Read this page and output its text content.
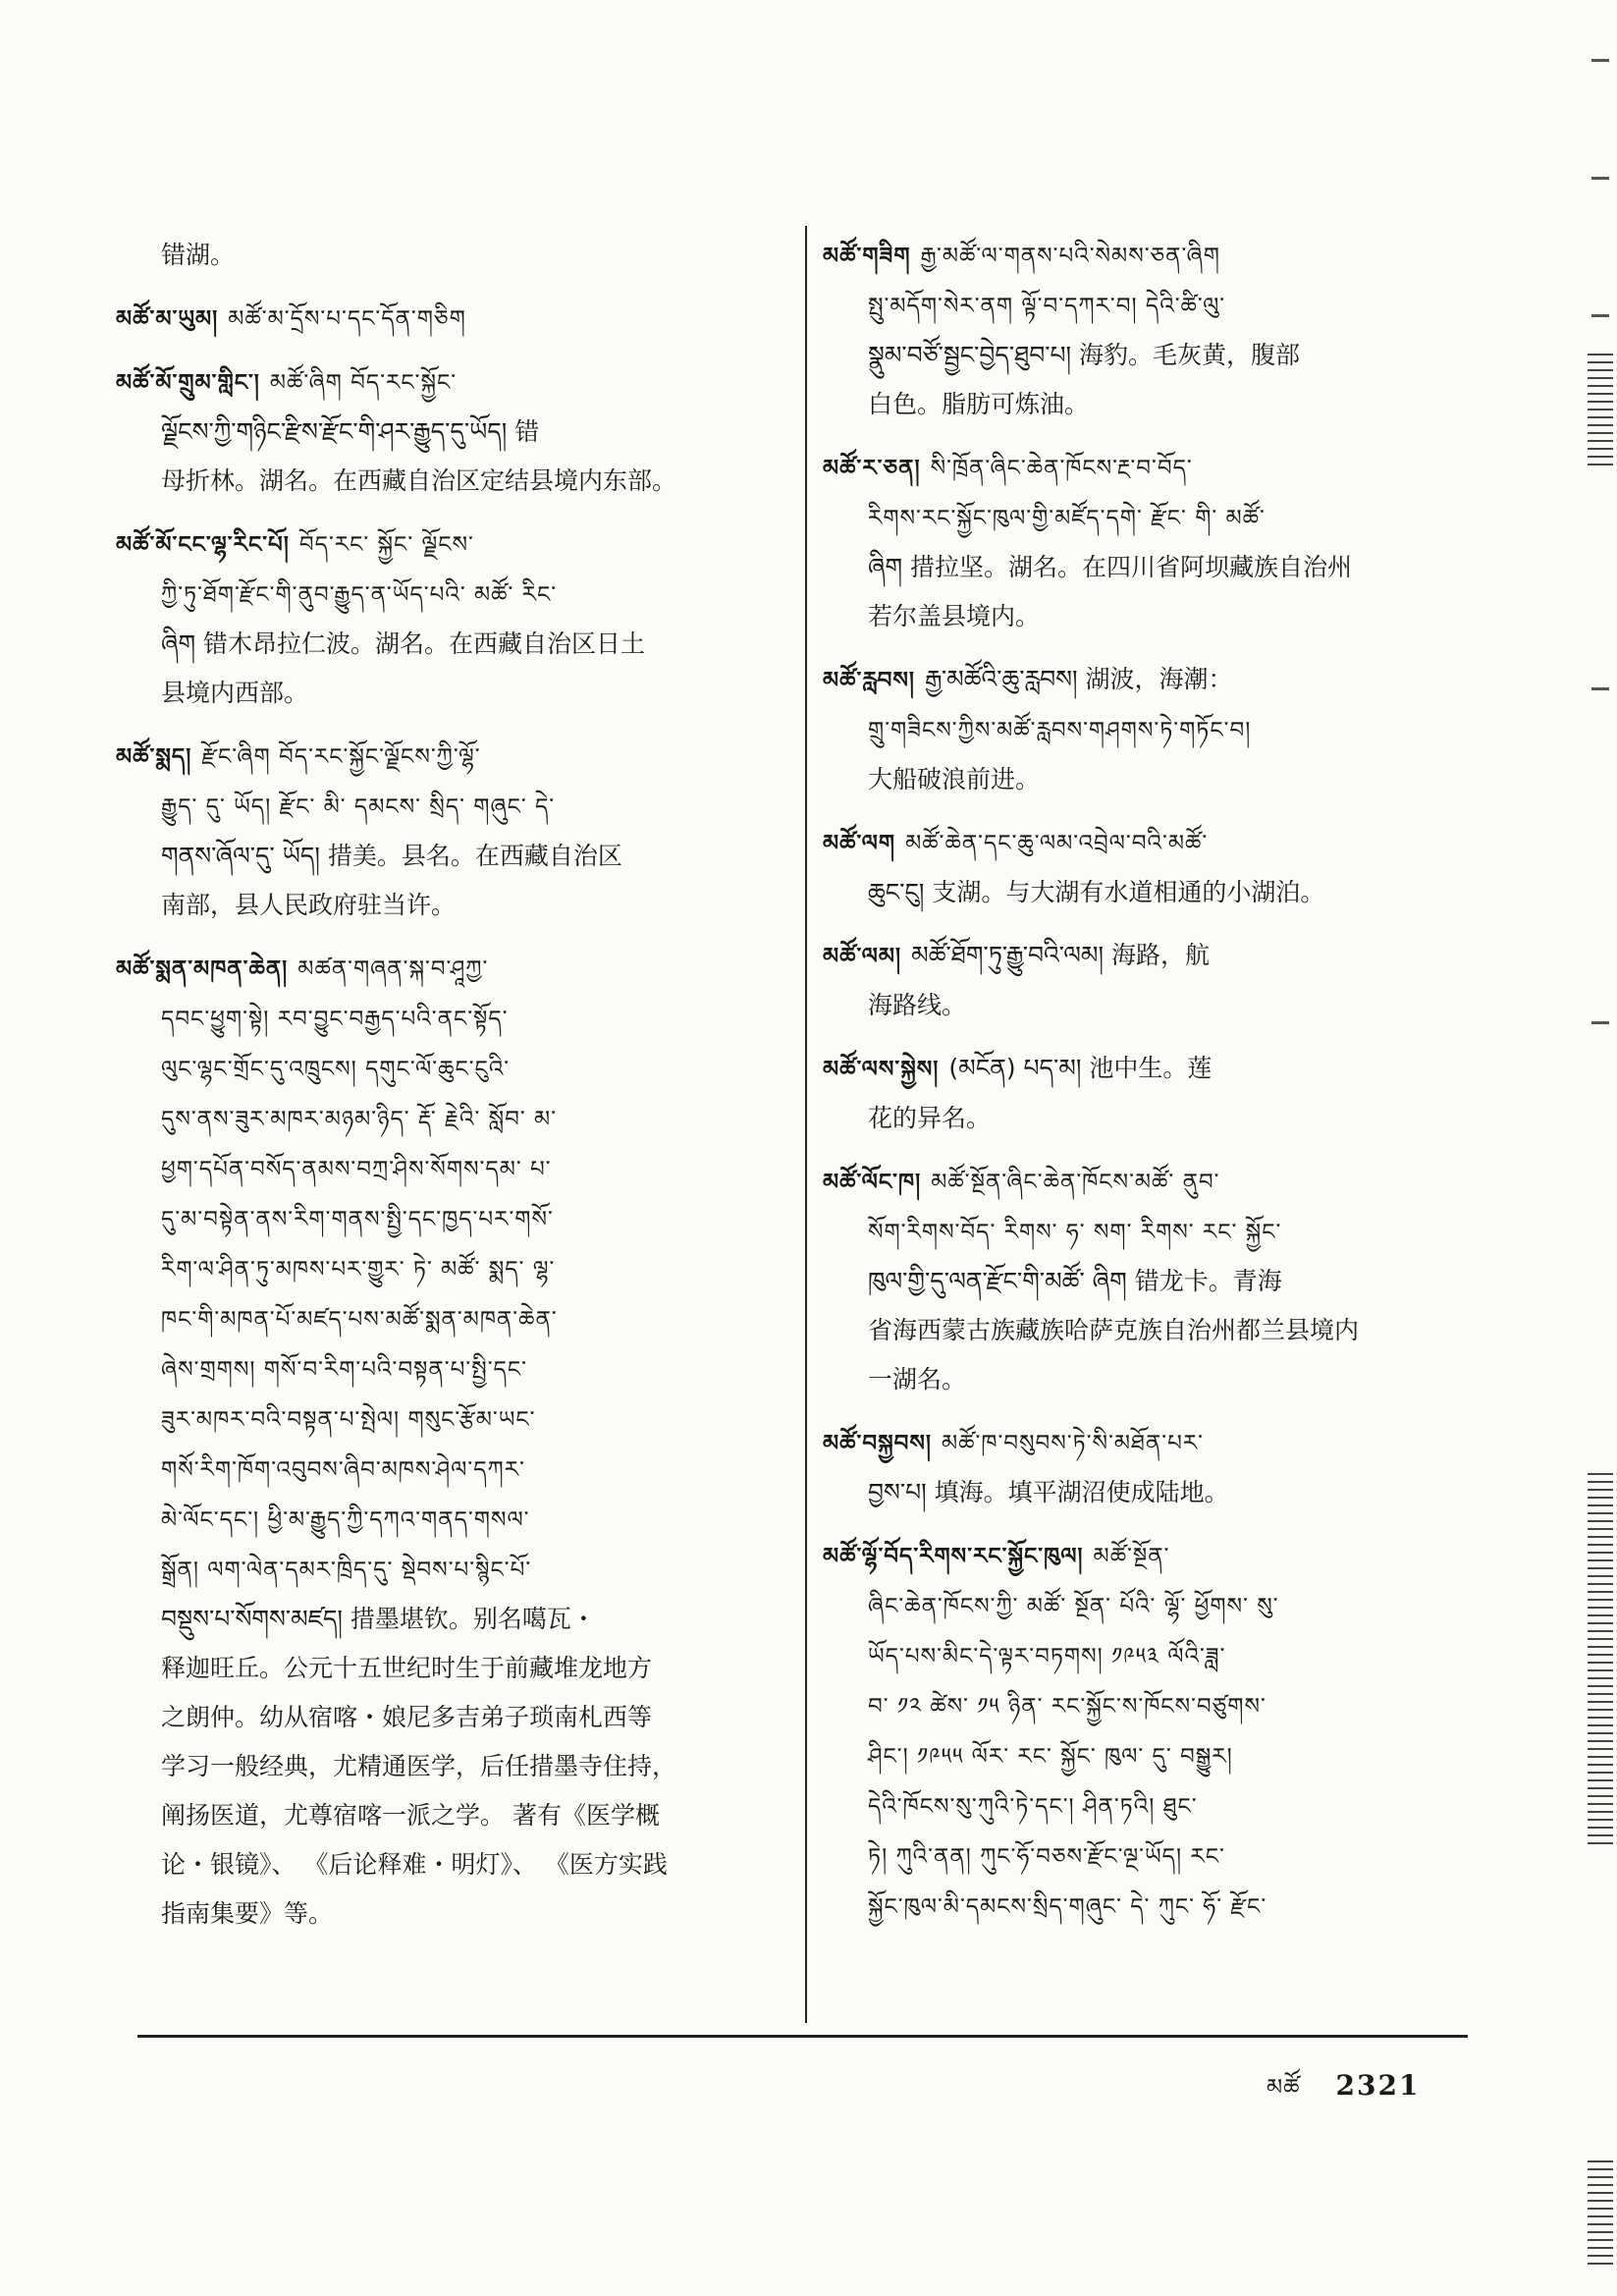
错湖。
མཚོ་མ་ཡུམ། མཚོ་མ་དྲོས་པ་དང་དོན་གཅིག
མཚོ་མོ་གྲུམ་གླིང་། མཚོ་ཞིག བོད་རང་སྐྱོང་
ལྗོངས་ཀྱི་གཉིང་རྫིས་རྫོང་གི་ཤར་རྒྱུད་དུ་ཡོད། 错
母折林。湖名。在西藏自治区定结县境内东部。
མཚོ་མོ་ངང་ལྷ་རིང་པོ། བོད་རང་ སྐྱོང་ ལྗོངས་
ཀྱི་ཏུ་ཐོག་རྫོང་གི་ནུབ་རྒྱུད་ན་ཡོད་པའི་ མཚོ་ རིང་
ཞིག 错木昂拉仁波。湖名。在西藏自治区日土
县境内西部。
མཚོ་སྨད། རྫོང་ཞིག བོད་རང་སྐྱོང་ལྗོངས་ཀྱི་ལྷོ་
རྒྱུད་ དུ་ ཡོད། རྫོང་ མི་ དམངས་ སྲིད་ གཞུང་ དེ་
གནས་ཞོལ་དུ་ ཡོད། 措美。县名。在西藏自治区
南部，县人民政府驻当许。
མཚོ་སྨན་མཁན་ཆེན། མཚན་གཞན་སྐ་བ་ཤཱཀྱ་
དབང་ཕྱུག་སྟེ། རབ་བྱུང་བརྒྱད་པའི་ནང་སྟོད་
ལུང་ལྷང་གྲོང་དུ་འཁྲུངས། དགུང་ལོ་ཆུང་ངུའི་
དུས་ནས་ཟུར་མཁར་མཉམ་ཉིད་ རྡོ་ རྗེའི་ སློབ་ མ་
ཕྱག་དཔོན་བསོད་ནམས་བཀྲ་ཤིས་སོགས་དམ་ པ་
དུ་མ་བསྟེན་ནས་རིག་གནས་སྤྱི་དང་ཁྱད་པར་གསོ་
རིག་ལ་ཤིན་ཏུ་མཁས་པར་གྱུར་ ཏེ་ མཚོ་ སྨད་ ལྷ་
ཁང་གི་མཁན་པོ་མཛད་པས་མཚོ་སྨན་མཁན་ཆེན་
ཞེས་གྲགས། གསོ་བ་རིག་པའི་བསྟན་པ་སྤྱི་དང་
ཟུར་མཁར་བའི་བསྟན་པ་སྤེལ། གསུང་རྩོམ་ཡང་
གསོ་རིག་ཁོག་འབུབས་ཞིབ་མཁས་ཤེལ་དཀར་
མེ་ལོང་དང་། ཕྱི་མ་རྒྱུད་ཀྱི་དཀའ་གནད་གསལ་
སྒྲོན། ལག་ལེན་དམར་ཁྲིད་དུ་ སྡེབས་པ་སྙིང་པོ་
བསྡུས་པ་སོགས་མཛད། 措墨堪钦。别名噶瓦・
释迦旺丘。公元十五世纪时生于前藏堆龙地方
之朗仲。幼从宿喀・娘尼多吉弟子琐南札西等
学习一般经典，尤精通医学，后任措墨寺住持，
阐扬医道，尤尊宿喀一派之学。 著有《医学概
论・银镜》、 《后论释难・明灯》、 《医方实践
指南集要》等。
མཚོ་གཟིག རྒྱ་མཚོ་ལ་གནས་པའི་སེམས་ཅན་ཞིག
སྤུ་མདོག་སེར་ནག ལྟོ་བ་དཀར་བ། དེའི་ཚི་ལུ་
སྣུམ་བཙོ་སྦྱང་བྱེད་ཐུབ་པ། 海豹。毛灰黄，腹部
白色。脂肪可炼油。
མཚོ་ར་ཅན། སི་ཁྲོན་ཞིང་ཆེན་ཁོངས་རྔ་བ་བོད་
རིགས་རང་སྐྱོང་ཁུལ་གྱི་མཛོད་དགེ་ རྫོང་ གི་ མཚོ་
ཞིག 措拉坚。湖名。在四川省阿坝藏族自治州
若尔盖县境内。
མཚོ་རླབས། རྒྱ་མཚོའི་ཆུ་རླབས། 湖波，海潮：
གྲུ་གཟིངས་ཀྱིས་མཚོ་རླབས་གཤགས་ཏེ་གཏོང་བ།
大船破浪前进。
མཚོ་ལག མཚོ་ཆེན་དང་ཆུ་ལམ་འབྲེལ་བའི་མཚོ་
ཆུང་ངུ། 支湖。与大湖有水道相通的小湖泊。
མཚོ་ལམ། མཚོ་ཐོག་ཏུ་རྒྱུ་བའི་ལམ། 海路，航
海路线。
མཚོ་ལས་སྐྱེས། (མངོན) པད་མ། 池中生。莲
花的异名。
མཚོ་ལོང་ཁ། མཚོ་སྔོན་ཞིང་ཆེན་ཁོངས་མཚོ་ ནུབ་
སོག་རིགས་བོད་ རིགས་ ཧ་ སག་ རིགས་ རང་ སྐྱོང་
ཁུལ་གྱི་དུ་ལན་རྫོང་གི་མཚོ་ ཞིག 错龙卡。青海
省海西蒙古族藏族哈萨克族自治州都兰县境内
一湖名。
མཚོ་བསྐྱབས། མཚོ་ཁ་བསུབས་ཏེ་སི་མཐོན་པར་
བྱས་པ། 填海。填平湖沼使成陆地。
མཚོ་ལྷོ་བོད་རིགས་རང་སྐྱོང་ཁུལ། མཚོ་སྔོན་
ཞིང་ཆེན་ཁོངས་ཀྱི་ མཚོ་ སྔོན་ པོའི་ ལྷོ་ ཕྱོགས་ སུ་
ཡོད་པས་མིང་དེ་ལྟར་བཏགས། ༡༩༥༣ ལོའི་ཟླ་
བ་ ༡༢ ཚེས་ ༡༥ ཉིན་ རང་སྐྱོང་ས་ཁོངས་བཙུགས་
ཤིང་། ༡༩༥༥ ལོར་ རང་ སྐྱོང་ ཁུལ་ དུ་ བསྒྱུར།
དེའི་ཁོངས་སུ་ཀུའི་ཏེ་དང་། ཤིན་ཏའི། ཐུང་
ཏེ། ཀུའི་ནན། ཀུང་ཧོ་བཅས་རྫོང་ལྔ་ཡོད། རང་
སྐྱོང་ཁུལ་མི་དམངས་སྲིད་གཞུང་ དེ་ ཀུང་ ཧོ་ རྫོང་
མཚོ 2321
